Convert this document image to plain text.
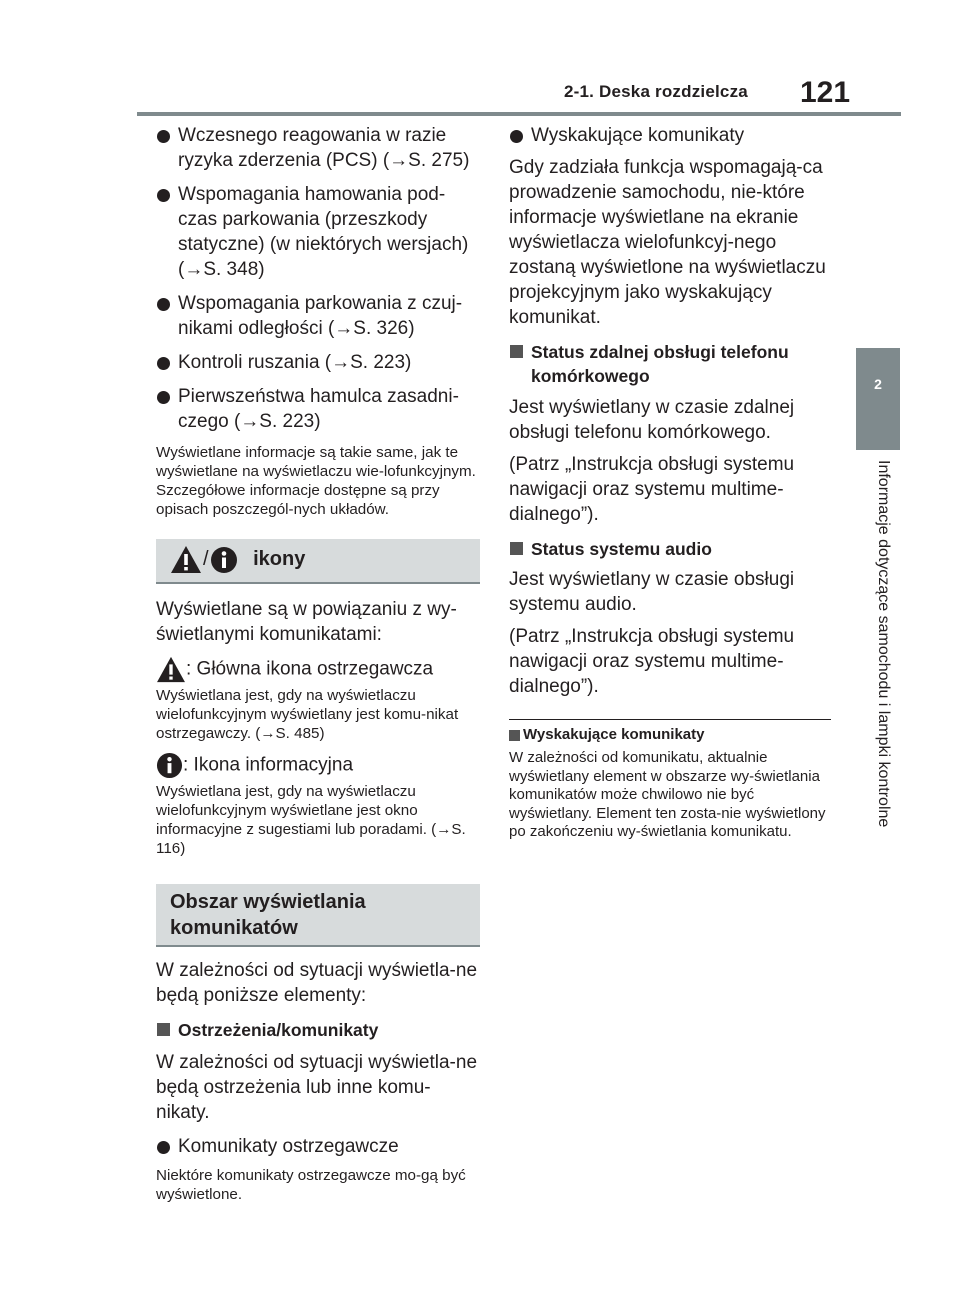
2-1. Deska rozdzielcza 121
2
Informacje dotyczące samochodu i lampki kontrolne
Wczesnego reagowania w razie ryzyka zderzenia (PCS) (→S. 275)
Wspomagania hamowania pod-czas parkowania (przeszkody statyczne) (w niektórych wersjach) (→S. 348)
Wspomagania parkowania z czuj-nikami odległości (→S. 326)
Kontroli ruszania (→S. 223)
Pierwszeństwa hamulca zasadni-czego (→S. 223)
Wyświetlane informacje są takie same, jak te wyświetlane na wyświetlaczu wie-lofunkcyjnym. Szczegółowe informacje dostępne są przy opisach poszczegól-nych układów.
/ ikony
Wyświetlane są w powiązaniu z wy-świetlanymi komunikatami:
: Główna ikona ostrzegawcza
Wyświetlana jest, gdy na wyświetlaczu wielofunkcyjnym wyświetlany jest komu-nikat ostrzegawczy. (→S. 485)
: Ikona informacyjna
Wyświetlana jest, gdy na wyświetlaczu wielofunkcyjnym wyświetlane jest okno informacyjne z sugestiami lub poradami. (→S. 116)
Obszar wyświetlania
komunikatów
W zależności od sytuacji wyświetla-ne będą poniższe elementy:
Ostrzeżenia/komunikaty
W zależności od sytuacji wyświetla-ne będą ostrzeżenia lub inne komu-nikaty.
Komunikaty ostrzegawcze
Niektóre komunikaty ostrzegawcze mo-gą być wyświetlone.
Wyskakujące komunikaty
Gdy zadziała funkcja wspomagają-ca prowadzenie samochodu, nie-które informacje wyświetlane na ekranie wyświetlacza wielofunkcyj-nego zostaną wyświetlone na wyświetlaczu projekcyjnym jako wyskakujący komunikat.
Status zdalnej obsługi telefonu komórkowego
Jest wyświetlany w czasie zdalnej obsługi telefonu komórkowego.
(Patrz „Instrukcja obsługi systemu nawigacji oraz systemu multime-dialnego”).
Status systemu audio
Jest wyświetlany w czasie obsługi systemu audio.
(Patrz „Instrukcja obsługi systemu nawigacji oraz systemu multime-dialnego”).
Wyskakujące komunikaty
W zależności od komunikatu, aktualnie wyświetlany element w obszarze wy-świetlania komunikatów może chwilowo nie być wyświetlany. Element ten zosta-nie wyświetlony po zakończeniu wy-świetlania komunikatu.
